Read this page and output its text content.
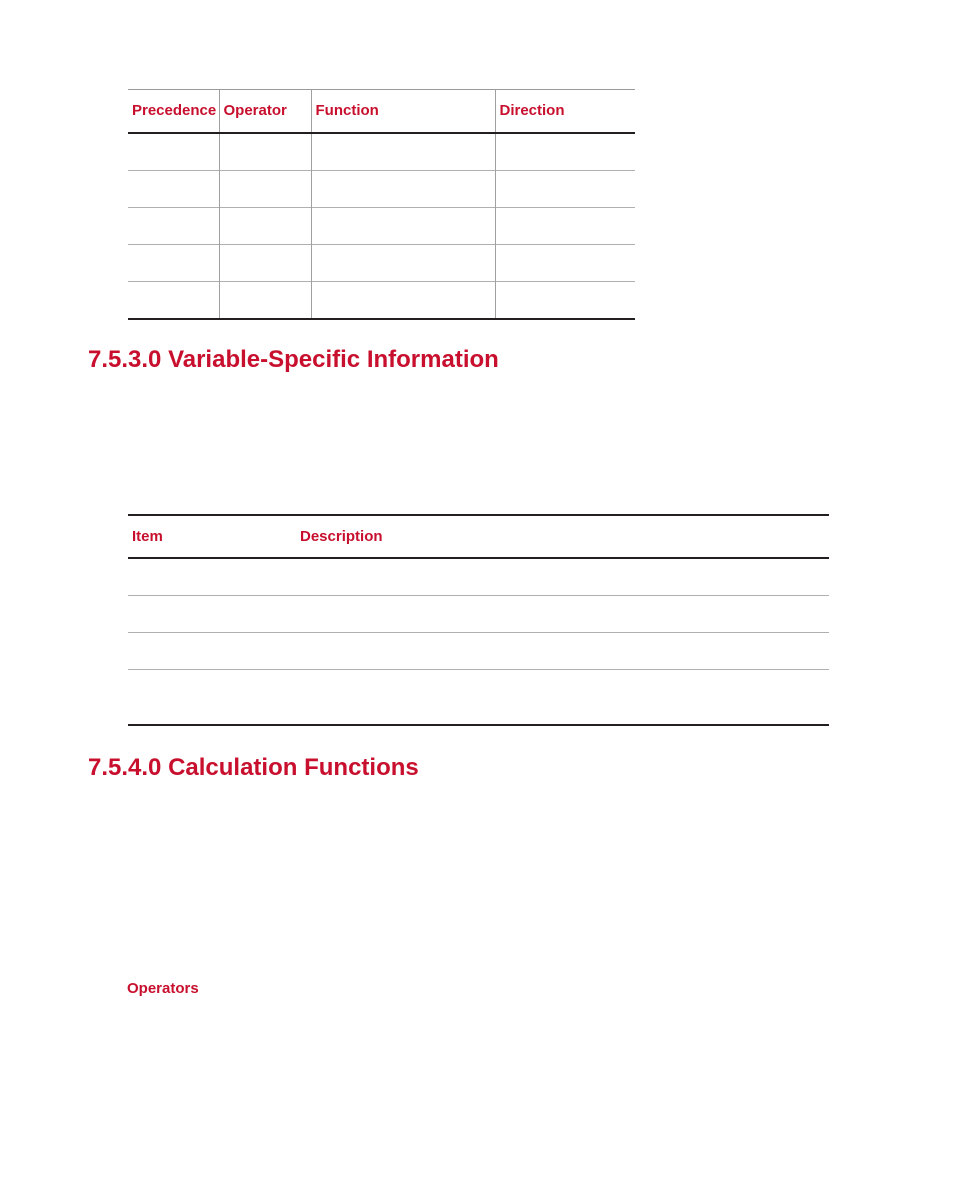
Precedence	Operator	Function	Direction

7.5.3.0 Variable-Specific Information
Item	Description

7.5.4.0 Calculation Functions
Operators
